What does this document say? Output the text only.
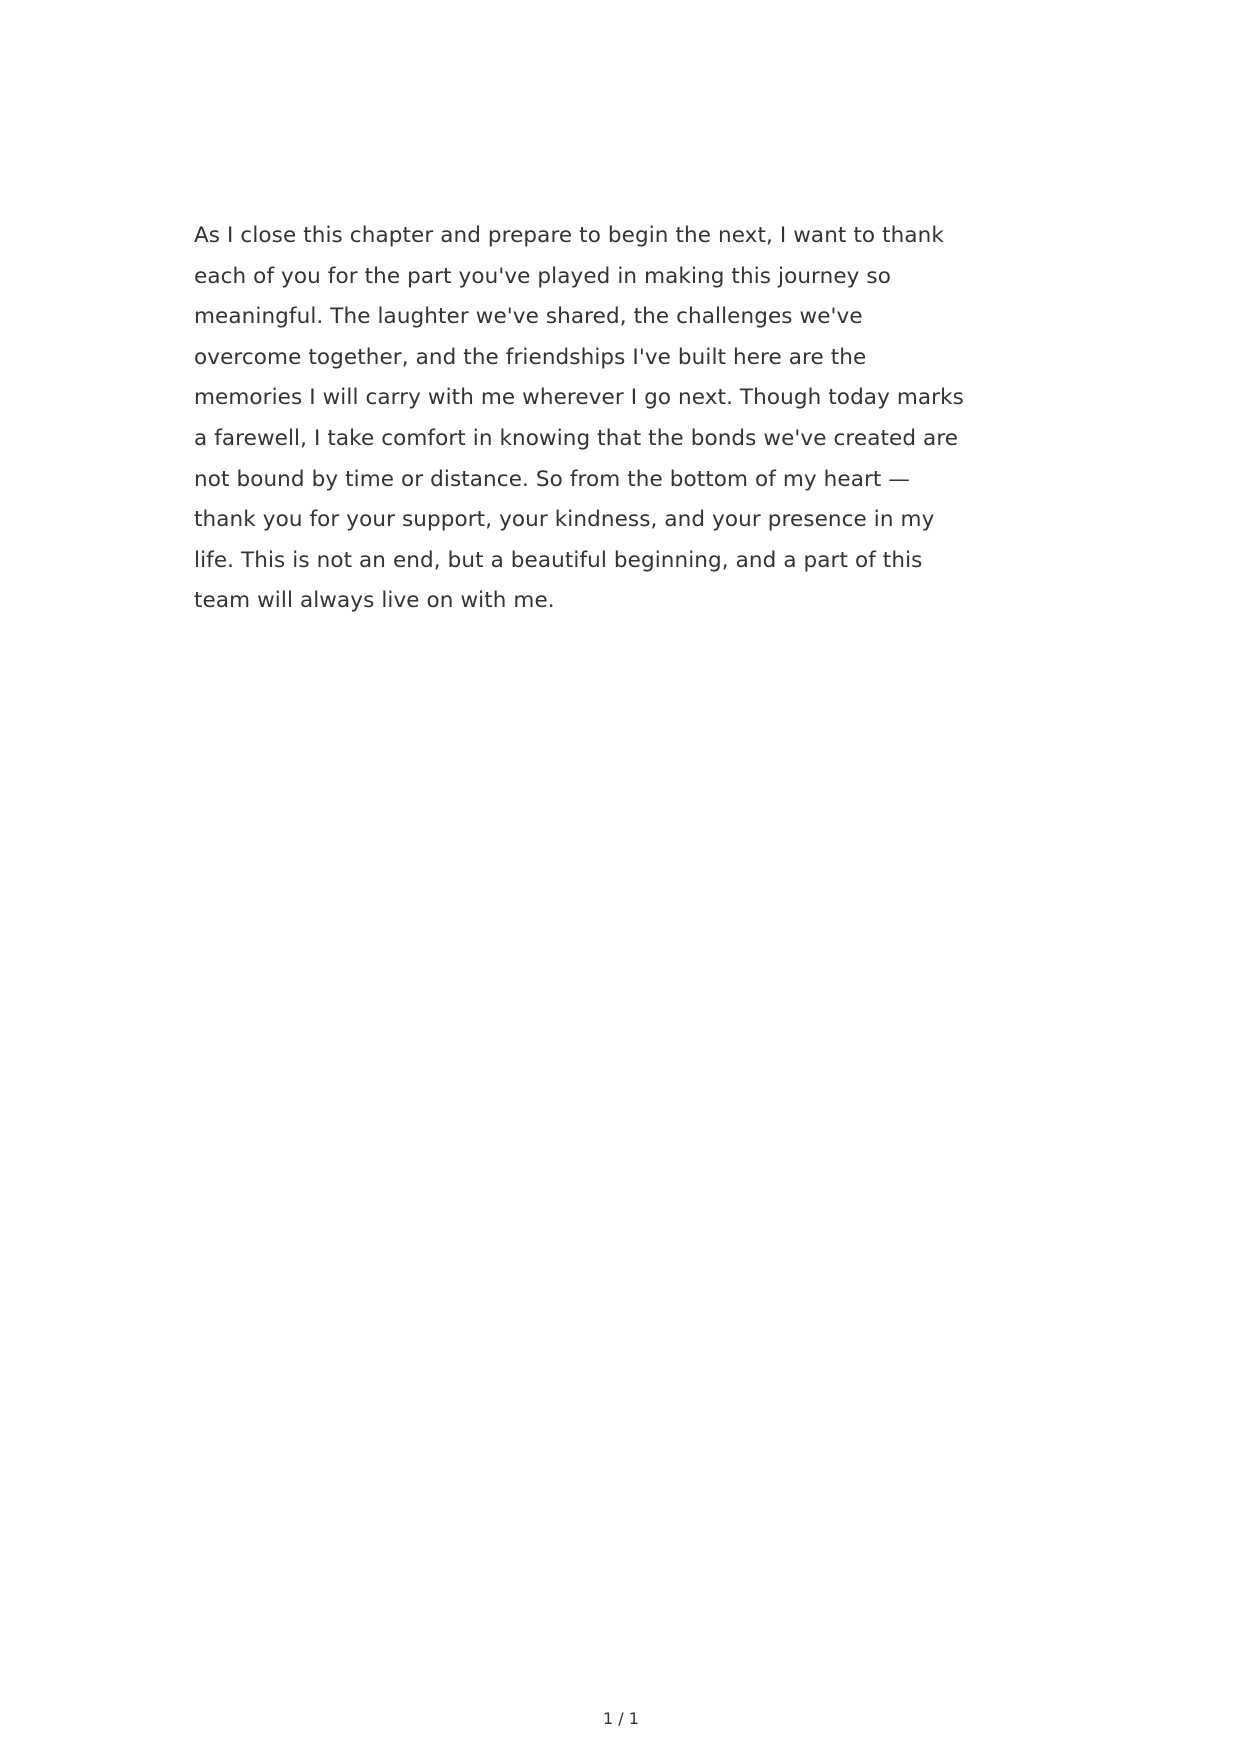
As I close this chapter and prepare to begin the next, I want to thank
each of you for the part you've played in making this journey so
meaningful. The laughter we've shared, the challenges we've
overcome together, and the friendships I've built here are the
memories I will carry with me wherever I go next. Though today marks
a farewell, I take comfort in knowing that the bonds we've created are
not bound by time or distance. So from the bottom of my heart —
thank you for your support, your kindness, and your presence in my
life. This is not an end, but a beautiful beginning, and a part of this
team will always live on with me.

1 / 1
